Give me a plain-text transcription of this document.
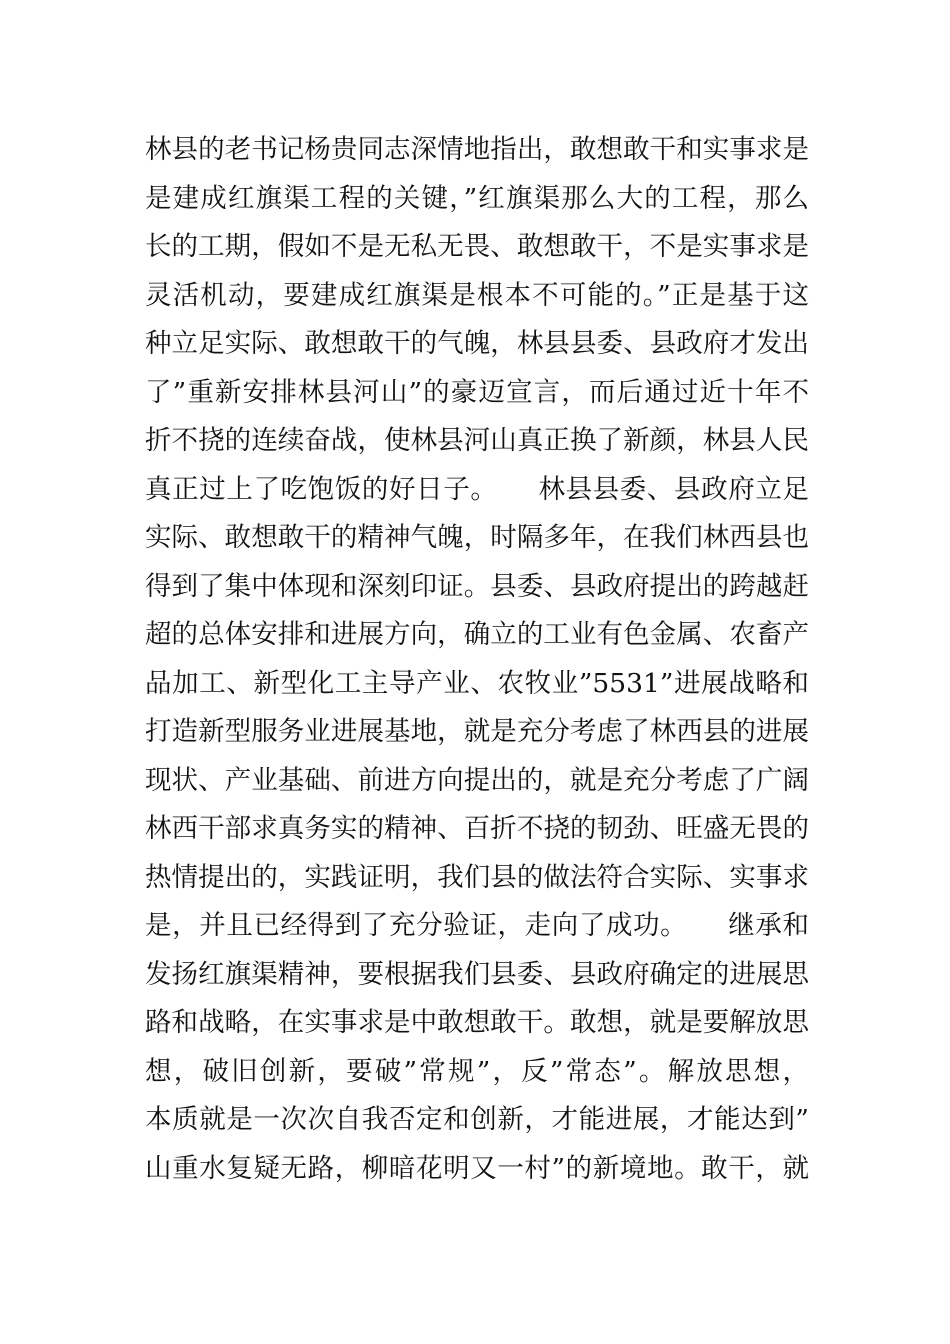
林县的老书记杨贵同志深情地指出，敢想敢干和实事求是
是建成红旗渠工程的关键，”红旗渠那么大的工程，那么
长的工期，假如不是无私无畏、敢想敢干，不是实事求是
灵活机动，要建成红旗渠是根本不可能的。”正是基于这
种立足实际、敢想敢干的气魄，林县县委、县政府才发出
了”重新安排林县河山”的豪迈宣言，而后通过近十年不
折不挠的连续奋战，使林县河山真正换了新颜，林县人民
真正过上了吃饱饭的好日子。　　林县县委、县政府立足
实际、敢想敢干的精神气魄，时隔多年，在我们林西县也
得到了集中体现和深刻印证。县委、县政府提出的跨越赶
超的总体安排和进展方向，确立的工业有色金属、农畜产
品加工、新型化工主导产业、农牧业”5531”进展战略和
打造新型服务业进展基地，就是充分考虑了林西县的进展
现状、产业基础、前进方向提出的，就是充分考虑了广阔
林西干部求真务实的精神、百折不挠的韧劲、旺盛无畏的
热情提出的，实践证明，我们县的做法符合实际、实事求
是，并且已经得到了充分验证，走向了成功。　　继承和
发扬红旗渠精神，要根据我们县委、县政府确定的进展思
路和战略，在实事求是中敢想敢干。敢想，就是要解放思
想，破旧创新，要破”常规”，反”常态”。解放思想，
本质就是一次次自我否定和创新，才能进展，才能达到”
山重水复疑无路，柳暗花明又一村”的新境地。敢干，就
